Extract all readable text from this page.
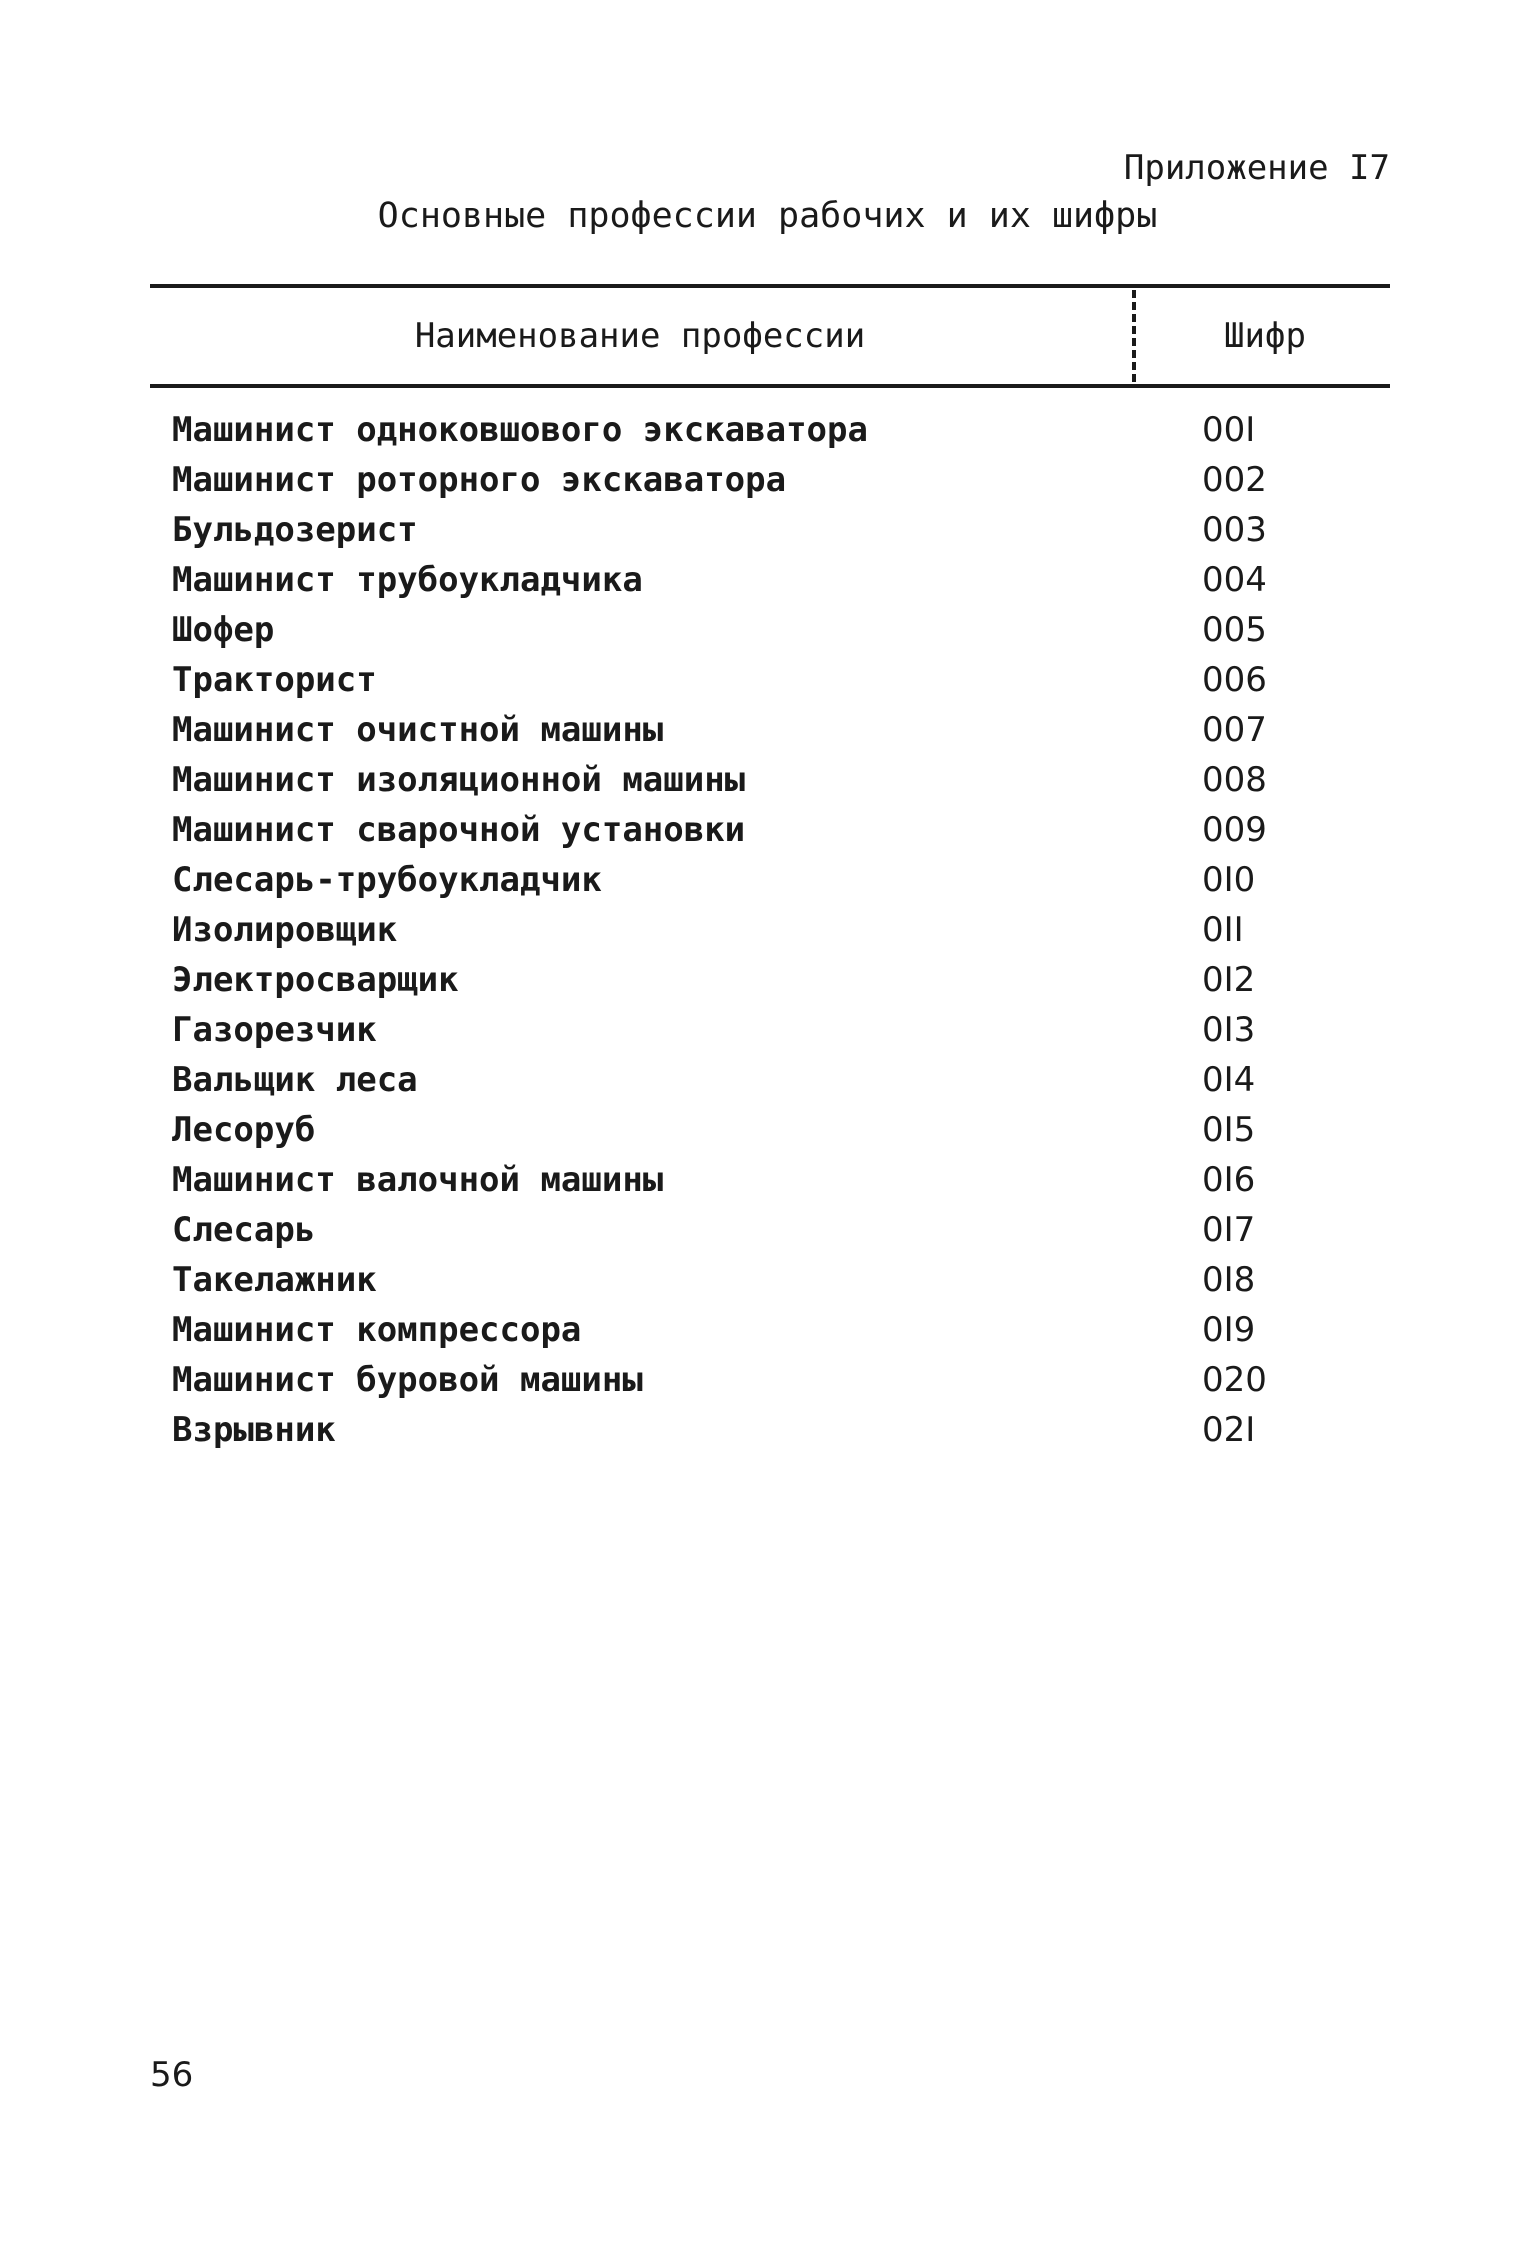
Приложение I7
Основные профессии рабочих и их шифры
Наименование профессии	Шифр
Машинист одноковшового экскаватора	00I
Машинист роторного экскаватора	002
Бульдозерист	003
Машинист трубоукладчика	004
Шофер	005
Тракторист	006
Машинист очистной машины	007
Машинист изоляционной машины	008
Машинист сварочной установки	009
Слесарь-трубоукладчик	0I0
Изолировщик	0II
Электросварщик	0I2
Газорезчик	0I3
Вальщик леса	0I4
Лесоруб	0I5
Машинист валочной машины	0I6
Слесарь	0I7
Такелажник	0I8
Машинист компрессора	0I9
Машинист буровой машины	020
Взрывник	02I
56
